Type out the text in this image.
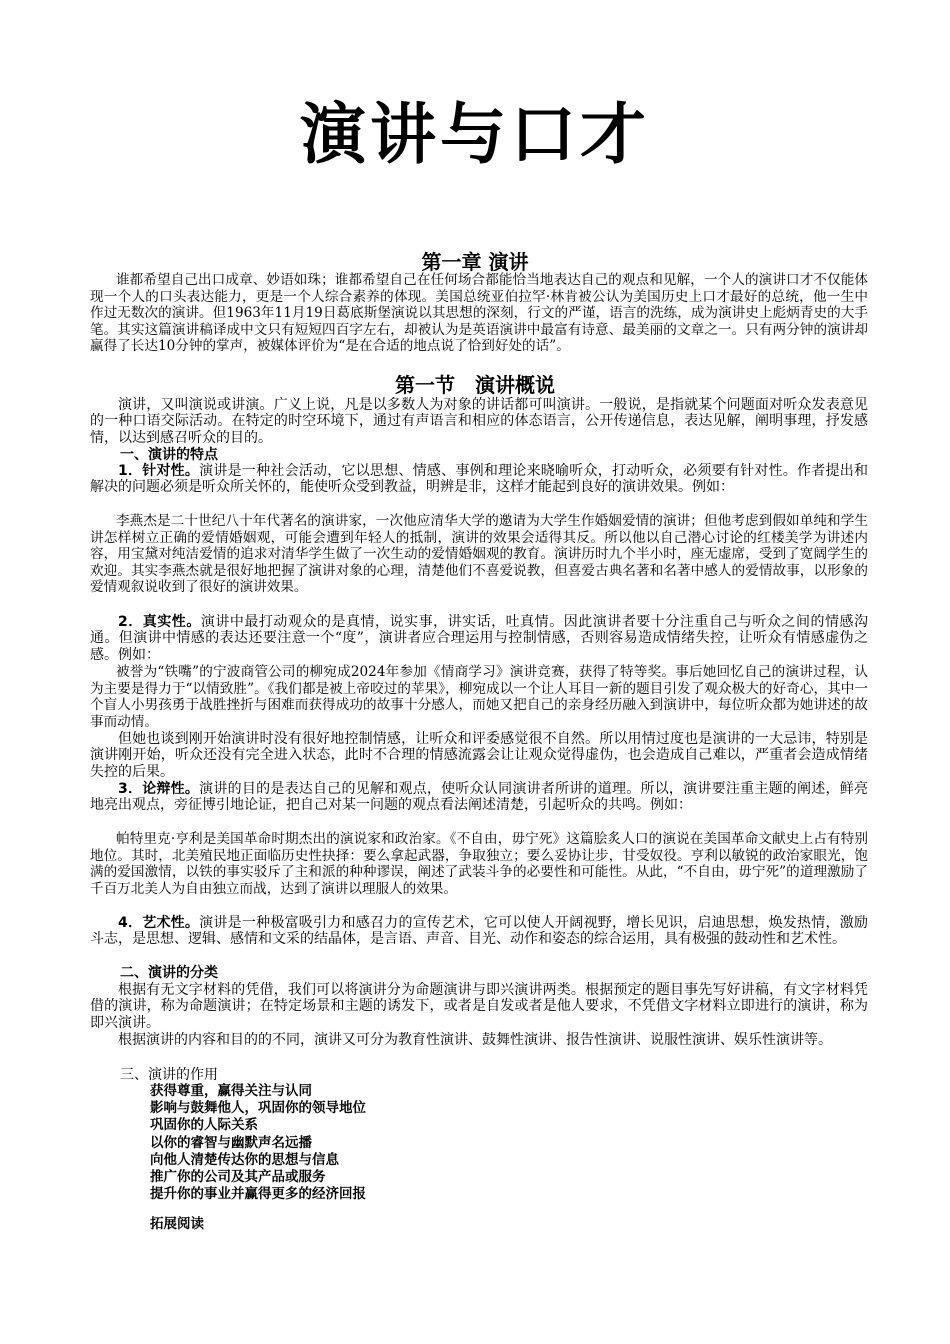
演讲与口才
第一章 演讲

谁都希望自己出口成章、妙语如珠；谁都希望自己在任何场合都能恰当地表达自己的观点和见解，一个人的演讲口才不仅能体现一个人的口头表达能力，更是一个人综合素养的体现。美国总统亚伯拉罕·林肯被公认为美国历史上口才最好的总统，他一生中作过无数次的演讲。但1963年11月19日葛底斯堡演说以其思想的深刻，行文的严谨，语言的洗练，成为演讲史上彪炳青史的大手笔。其实这篇演讲稿译成中文只有短短四百字左右，却被认为是英语演讲中最富有诗意、最美丽的文章之一。只有两分钟的演讲却赢得了长达10分钟的掌声，被媒体评价为“是在合适的地点说了恰到好处的话”。

第一节　演讲概说

演讲，又叫演说或讲演。广义上说，凡是以多数人为对象的讲话都可叫演讲。一般说，是指就某个问题面对听众发表意见的一种口语交际活动。在特定的时空环境下，通过有声语言和相应的体态语言，公开传递信息，表达见解，阐明事理，抒发感情，以达到感召听众的目的。

一、演讲的特点

1．针对性。演讲是一种社会活动，它以思想、情感、事例和理论来晓喻听众，打动听众，必须要有针对性。作者提出和解决的问题必须是听众所关怀的，能使听众受到教益，明辨是非，这样才能起到良好的演讲效果。例如：

李燕杰是二十世纪八十年代著名的演讲家，一次他应清华大学的邀请为大学生作婚姻爱情的演讲；但他考虑到假如单纯和学生讲怎样树立正确的爱情婚姻观，可能会遭到年轻人的抵制，演讲的效果会适得其反。所以他以自己潜心讨论的红楼美学为讲述内容，用宝黛对纯洁爱情的追求对清华学生做了一次生动的爱情婚姻观的教育。演讲历时九个半小时，座无虚席，受到了宽阔学生的欢迎。其实李燕杰就是很好地把握了演讲对象的心理，清楚他们不喜爱说教，但喜爱古典名著和名著中感人的爱情故事，以形象的爱情观叙说收到了很好的演讲效果。

2．真实性。演讲中最打动观众的是真情，说实事，讲实话，吐真情。因此演讲者要十分注重自己与听众之间的情感沟通。但演讲中情感的表达还要注意一个“度”，演讲者应合理运用与控制情感，否则容易造成情绪失控，让听众有情感虚伪之感。例如：

被誉为“铁嘴”的宁波商管公司的柳宛成2024年参加《情商学习》演讲竞赛，获得了特等奖。事后她回忆自己的演讲过程，认为主要是得力于“以情致胜”。《我们都是被上帝咬过的苹果》，柳宛成以一个让人耳目一新的题目引发了观众极大的好奇心，其中一个盲人小男孩勇于战胜挫折与困难而获得成功的故事十分感人，而她又把自己的亲身经历融入到演讲中，每位听众都为她讲述的故事而动情。

但她也谈到刚开始演讲时没有很好地控制情感，让听众和评委感觉很不自然。所以用情过度也是演讲的一大忌讳，特别是演讲刚开始，听众还没有完全进入状态，此时不合理的情感流露会让让观众觉得虚伪，也会造成自己难以，严重者会造成情绪失控的后果。

3．论辩性。演讲的目的是表达自己的见解和观点，使听众认同演讲者所讲的道理。所以，演讲要注重主题的阐述，鲜亮地亮出观点，旁征博引地论证，把自己对某一问题的观点看法阐述清楚，引起听众的共鸣。例如：

帕特里克·亨利是美国革命时期杰出的演说家和政治家。《不自由，毋宁死》这篇脍炙人口的演说在美国革命文献史上占有特别地位。其时，北美殖民地正面临历史性抉择：要么拿起武器，争取独立；要么妥协让步，甘受奴役。亨利以敏锐的政治家眼光，饱满的爱国激情，以铁的事实驳斥了主和派的种种谬误，阐述了武装斗争的必要性和可能性。从此，“不自由，毋宁死”的道理激励了千百万北美人为自由独立而战，达到了演讲以理服人的效果。

4．艺术性。演讲是一种极富吸引力和感召力的宣传艺术，它可以使人开阔视野，增长见识，启迪思想，焕发热情，激励斗志，是思想、逻辑、感情和文采的结晶体，是言语、声音、目光、动作和姿态的综合运用，具有极强的鼓动性和艺术性。

二、演讲的分类

根据有无文字材料的凭借，我们可以将演讲分为命题演讲与即兴演讲两类。根据预定的题目事先写好讲稿，有文字材料凭借的演讲，称为命题演讲；在特定场景和主题的诱发下，或者是自发或者是他人要求，不凭借文字材料立即进行的演讲，称为即兴演讲。

根据演讲的内容和目的的不同，演讲又可分为教育性演讲、鼓舞性演讲、报告性演讲、说服性演讲、娱乐性演讲等。

三、演讲的作用
获得尊重，赢得关注与认同
影响与鼓舞他人，巩固你的领导地位
巩固你的人际关系
以你的睿智与幽默声名远播
向他人清楚传达你的思想与信息
推广你的公司及其产品或服务
提升你的事业并赢得更多的经济回报
拓展阅读
